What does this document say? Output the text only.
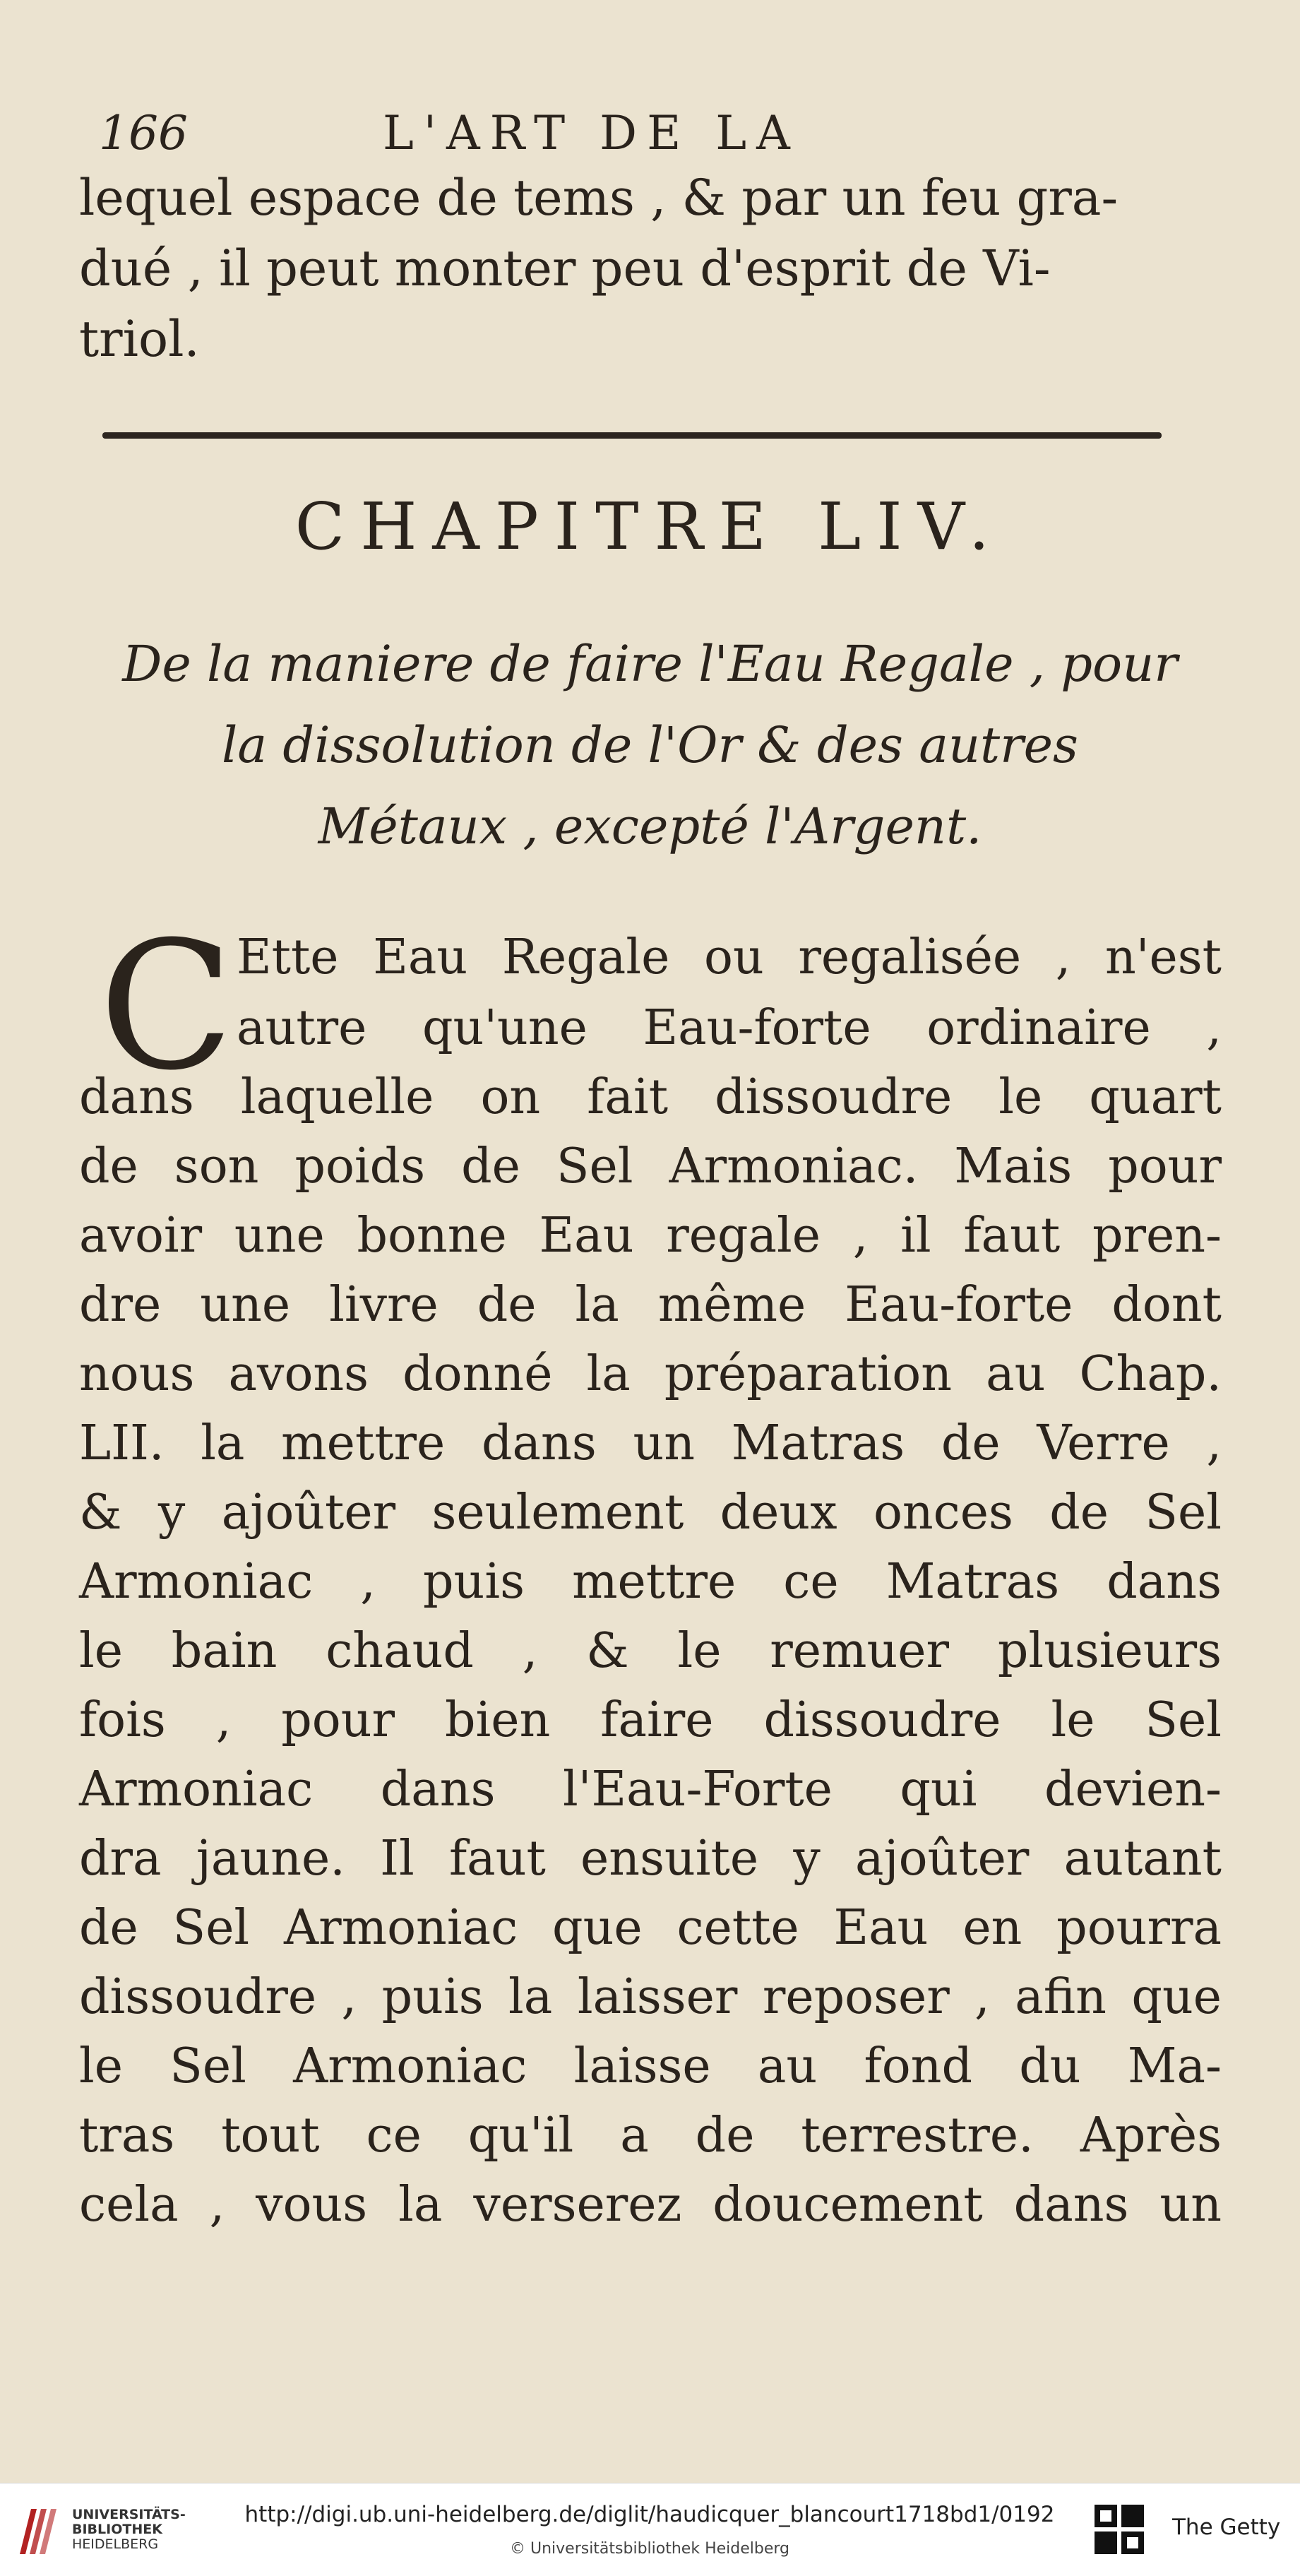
166	L'ART DE LA
lequel espace de tems , & par un feu gra-
dué , il peut monter peu d'esprit de Vi-
triol.
CHAPITRE LIV.
De la maniere de faire l'Eau Regale , pour
la dissolution de l'Or & des autres
Métaux , excepté l'Argent.
C Ette Eau Regale ou regalisée , n'est
autre qu'une Eau-forte ordinaire ,
dans laquelle on fait dissoudre le quart
de son poids de Sel Armoniac. Mais pour
avoir une bonne Eau regale , il faut pren-
dre une livre de la même Eau-forte dont
nous avons donné la préparation au Chap.
LII. la mettre dans un Matras de Verre ,
& y ajoûter seulement deux onces de Sel
Armoniac , puis mettre ce Matras dans
le bain chaud , & le remuer plusieurs
fois , pour bien faire dissoudre le Sel
Armoniac dans l'Eau-Forte qui devien-
dra jaune. Il faut ensuite y ajoûter autant
de Sel Armoniac que cette Eau en pourra
dissoudre , puis la laisser reposer , afin que
le Sel Armoniac laisse au fond du Ma-
tras tout ce qu'il a de terrestre. Après
cela , vous la verserez doucement dans un
UNIVERSITÄTS-
BIBLIOTHEK
HEIDELBERG
http://digi.ub.uni-heidelberg.de/diglit/haudicquer_blancourt1718bd1/0192
© Universitätsbibliothek Heidelberg
The Getty
